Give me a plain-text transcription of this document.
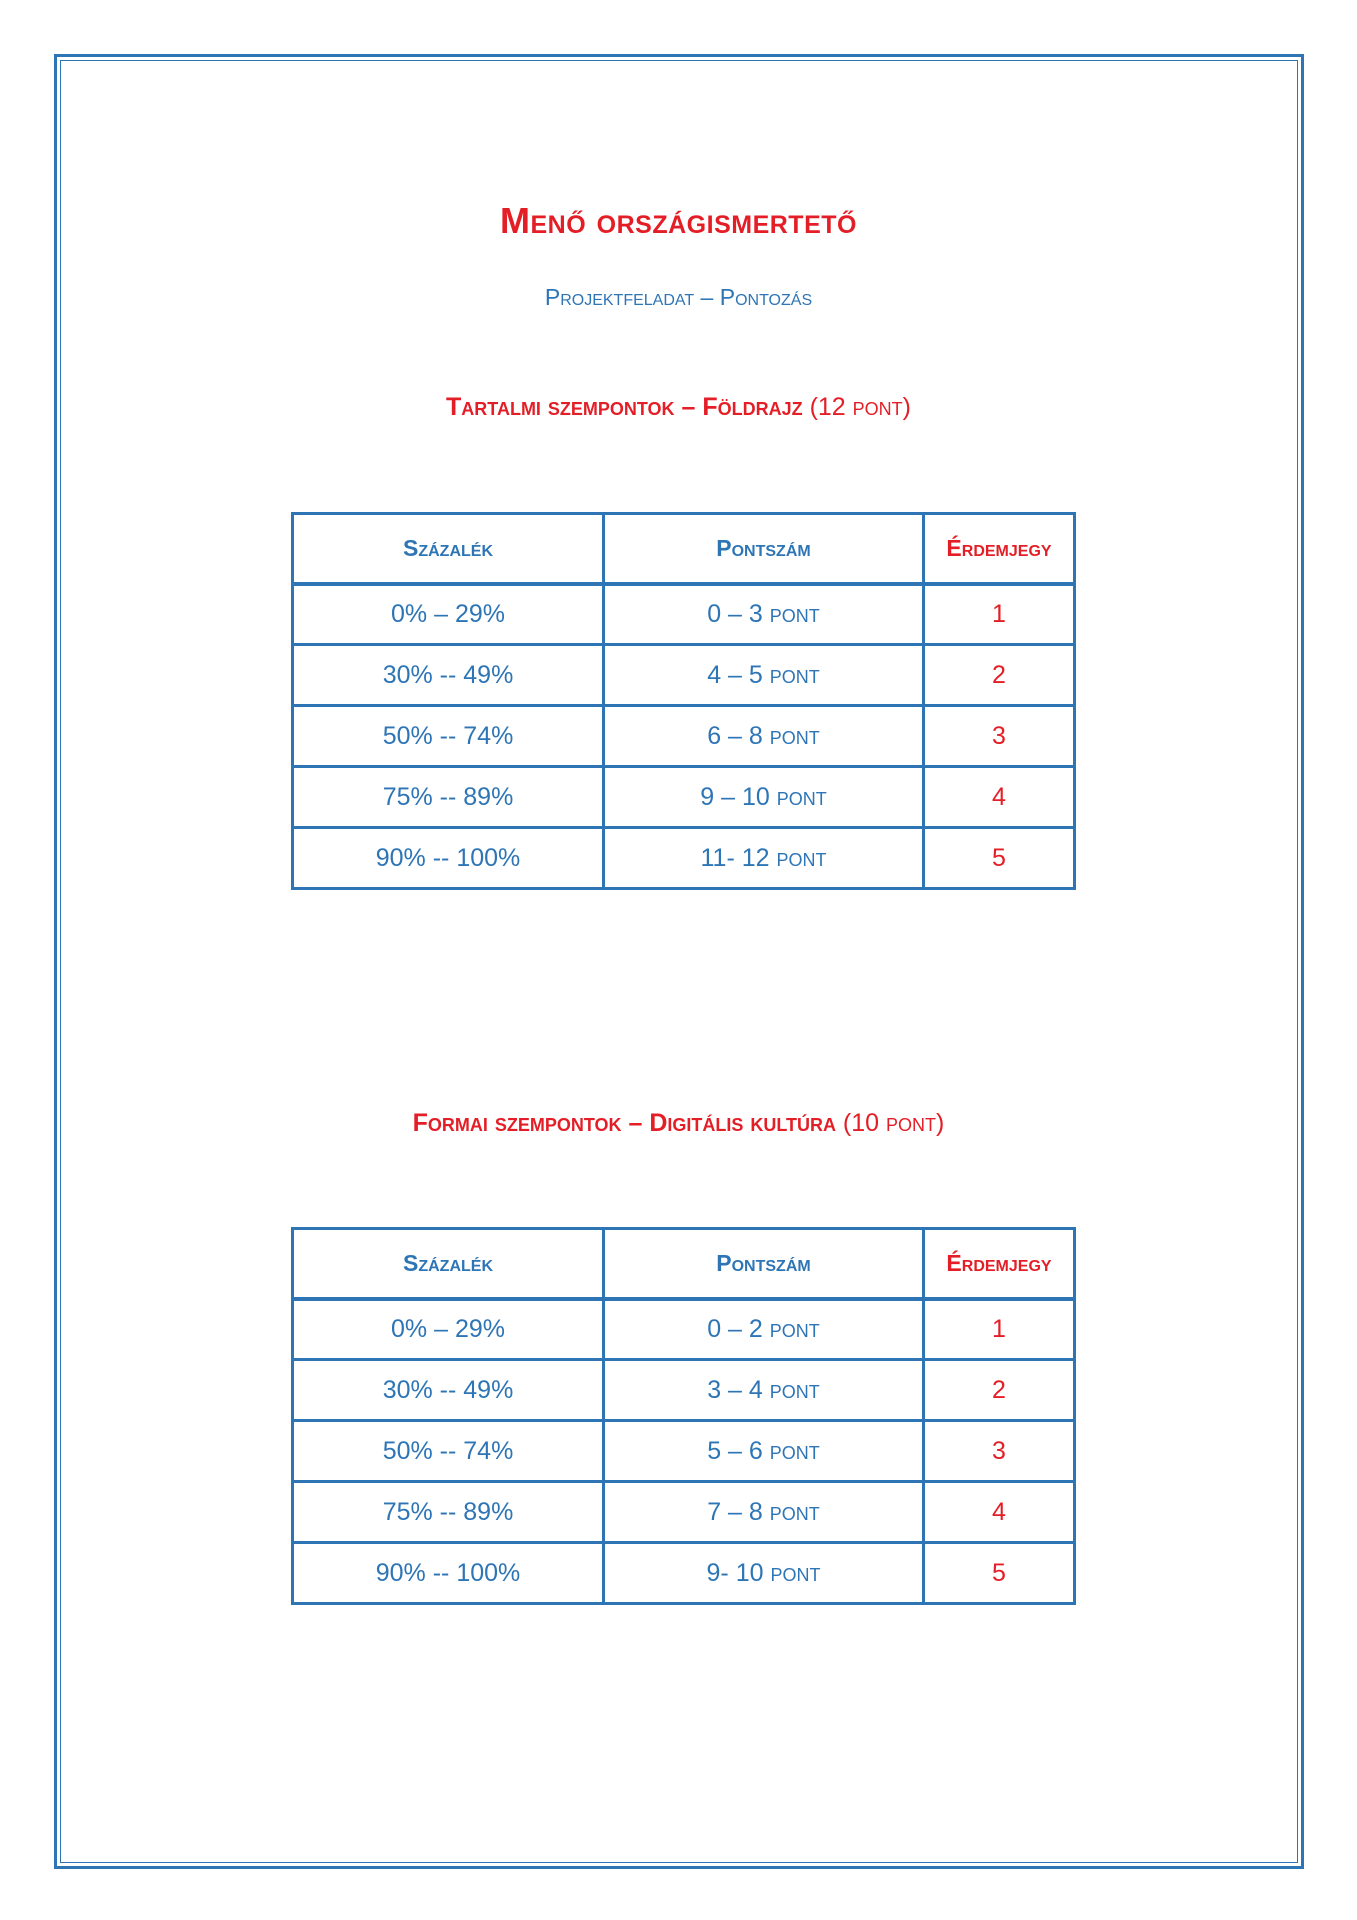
Menő országismertető
Projektfeladat – Pontozás
Tartalmi szempontok – Földrajz (12 pont)
Százalék	Pontszám	Érdemjegy
0% – 29%	0 – 3 pont	1
30% -- 49%	4 – 5 pont	2
50% -- 74%	6 – 8 pont	3
75% -- 89%	9 – 10 pont	4
90% -- 100%	11- 12 pont	5
Formai szempontok – Digitális kultúra (10 pont)
Százalék	Pontszám	Érdemjegy
0% – 29%	0 – 2 pont	1
30% -- 49%	3 – 4 pont	2
50% -- 74%	5 – 6 pont	3
75% -- 89%	7 – 8 pont	4
90% -- 100%	9- 10 pont	5
